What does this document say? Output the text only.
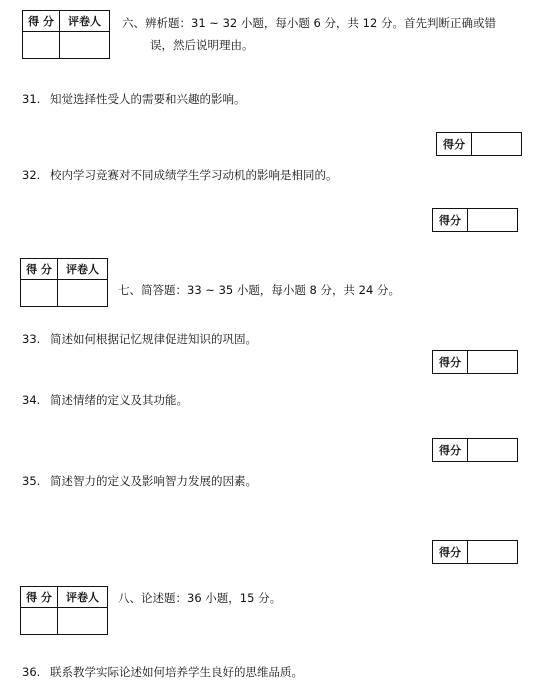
得 分	评卷人
	六、辨析题：31 ~ 32 小题，每小题 6 分，共 12 分。首先判断正确或错
误，然后说明理由。
31. 知觉选择性受人的需要和兴趣的影响。
得分
32. 校内学习竞赛对不同成绩学生学习动机的影响是相同的。
得分
得 分	评卷人

七、简答题：33 ~ 35 小题，每小题 8 分，共 24 分。
33. 简述如何根据记忆规律促进知识的巩固。
得分
34. 简述情绪的定义及其功能。
得分
35. 简述智力的定义及影响智力发展的因素。
得分
得 分	评卷人
	八、论述题：36 小题，15 分。
36. 联系教学实际论述如何培养学生良好的思维品质。
